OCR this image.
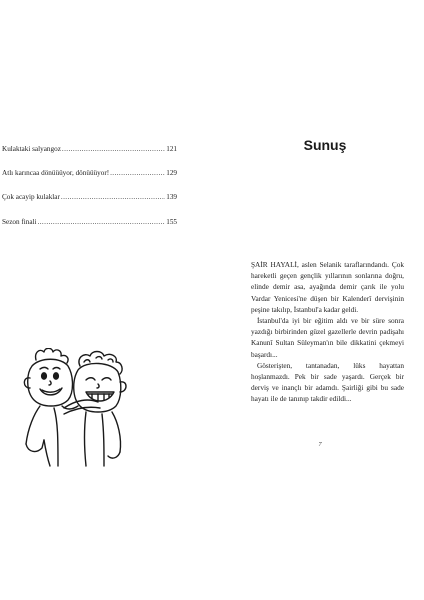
Kulaktaki salyangoz .....	121
Atlı karıncaa dönüüüyor, dönüüüyor! .....	129
Çok acayip kulaklar .....	139
Sezon finali .....	155
Sunuş

ŞAİR HAYALİ, aslen Selanik taraflarındandı. Çok hareketli geçen gençlik yıllarının sonlarına doğru, elinde demir asa, ayağında demir çarık ile yolu Vardar Yenicesi'ne düşen bir Kalenderî dervişinin peşine takılıp, İstanbul'a kadar geldi.

İstanbul'da iyi bir eğitim aldı ve bir süre sonra yazdığı birbirinden güzel gazellerle devrin padişahı Kanunî Sultan Süleyman'ın bile dikkatini çekmeyi başardı...

Gösterişten, tantanadan, lüks hayattan hoşlanmazdı. Pek bir sade yaşardı. Gerçek bir derviş ve inançlı bir adamdı. Şairliği gibi bu sade hayatı ile de tanınıp takdir edildi...

7
